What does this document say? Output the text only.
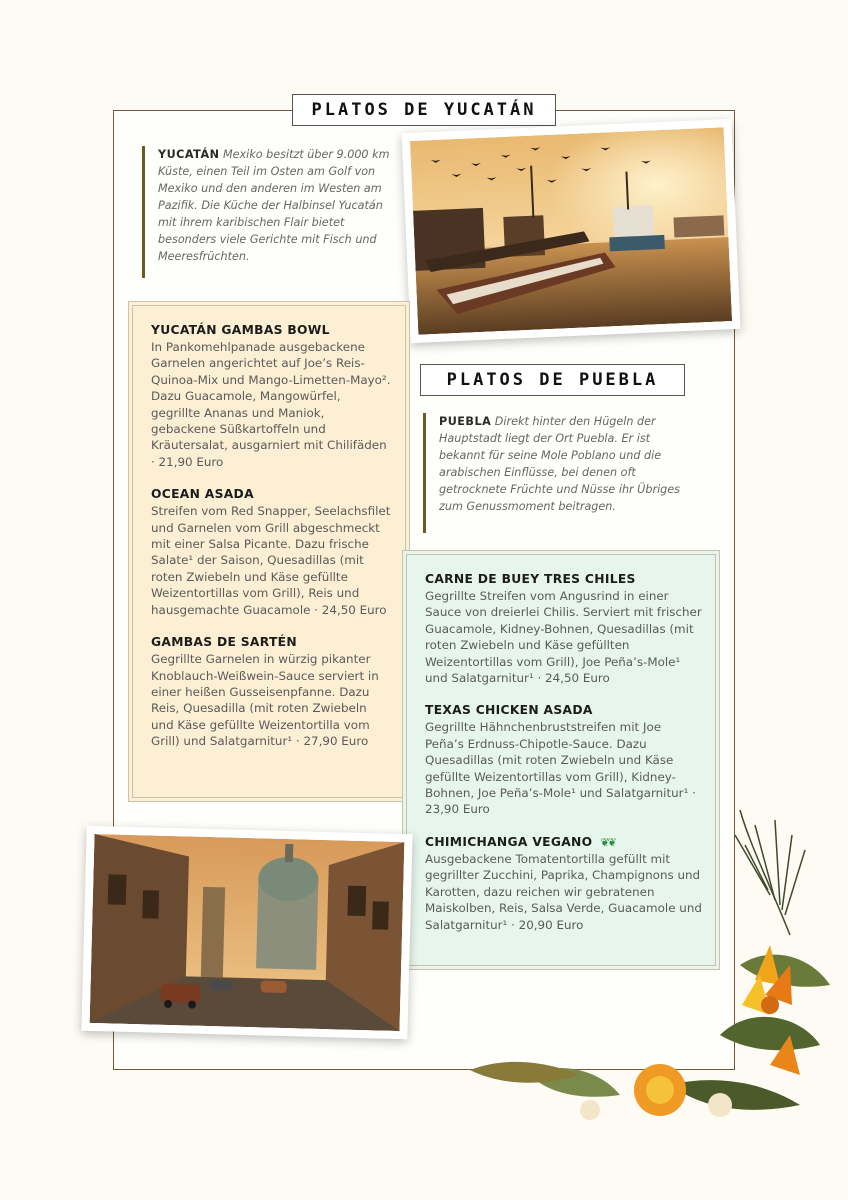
PLATOS DE YUCATÁN
YUCATÁN Mexiko besitzt über 9.000 km Küste, einen Teil im Osten am Golf von Mexiko und den anderen im Westen am Pazifik. Die Küche der Halbinsel Yucatán mit ihrem karibischen Flair bietet besonders viele Gerichte mit Fisch und Meeresfrüchten.
YUCATÁN GAMBAS BOWL
In Pankomehlpanade ausgebackene Garnelen angerichtet auf Joe’s Reis-Quinoa-Mix und Mango-Limetten-Mayo². Dazu Guacamole, Mangowürfel, gegrillte Ananas und Maniok, gebackene Süßkartoffeln und Kräutersalat, ausgarniert mit Chilifäden · 21,90 Euro
OCEAN ASADA
Streifen vom Red Snapper, Seelachsfilet und Garnelen vom Grill abgeschmeckt mit einer Salsa Picante. Dazu frische Salate¹ der Saison, Quesadillas (mit roten Zwiebeln und Käse gefüllte Weizentortillas vom Grill), Reis und hausgemachte Guacamole · 24,50 Euro
GAMBAS DE SARTÉN
Gegrillte Garnelen in würzig pikanter Knoblauch-Weißwein-Sauce serviert in einer heißen Gusseisenpfanne. Dazu Reis, Quesadilla (mit roten Zwiebeln und Käse gefüllte Weizentortilla vom Grill) und Salatgarnitur¹ · 27,90 Euro
PLATOS DE PUEBLA
PUEBLA Direkt hinter den Hügeln der Hauptstadt liegt der Ort Puebla. Er ist bekannt für seine Mole Poblano und die arabischen Einflüsse, bei denen oft getrocknete Früchte und Nüsse ihr Übriges zum Genussmoment beitragen.
CARNE DE BUEY TRES CHILES
Gegrillte Streifen vom Angusrind in einer Sauce von dreierlei Chilis. Serviert mit frischer Guacamole, Kidney-Bohnen, Quesadillas (mit roten Zwiebeln und Käse gefüllten Weizentortillas vom Grill), Joe Peña’s-Mole¹ und Salatgarnitur¹ · 24,50 Euro
TEXAS CHICKEN ASADA
Gegrillte Hähnchenbruststreifen mit Joe Peña’s Erdnuss-Chipotle-Sauce. Dazu Quesadillas (mit roten Zwiebeln und Käse gefüllte Weizentortillas vom Grill), Kidney-Bohnen, Joe Peña’s-Mole¹ und Salatgarnitur¹ · 23,90 Euro
CHIMICHANGA VEGANO ❦❦
Ausgebackene Tomatentortilla gefüllt mit gegrillter Zucchini, Paprika, Champignons und Karotten, dazu reichen wir gebratenen Maiskolben, Reis, Salsa Verde, Guacamole und Salatgarnitur¹ · 20,90 Euro
